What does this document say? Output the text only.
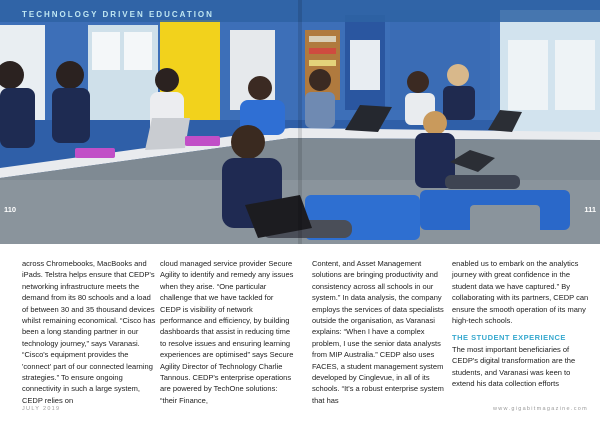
TECHNOLOGY DRIVEN EDUCATION
110	111

across Chromebooks, MacBooks and iPads. Telstra helps ensure that CEDP's networking infrastructure meets the demand from its 80 schools and a load of between 30 and 35 thousand devices whilst remaining economical. “Cisco has been a long standing partner in our technology journey,” says Varanasi. “Cisco's equipment provides the 'connect' part of our connected learning strategies.” To ensure ongoing connectivity in such a large system, CEDP relies on

cloud managed service provider Secure Agility to identify and remedy any issues when they arise. “One particular challenge that we have tackled for CEDP is visibility of network performance and efficiency, by building dashboards that assist in reducing time to resolve issues and ensuring learning experiences are optimised” says Secure Agility Director of Technology Charlie Tannous. CEDP's enterprise operations are powered by TechOne solutions: “their Finance,

Content, and Asset Management solutions are bringing productivity and consistency across all schools in our system.” In data analysis, the company employs the services of data specialists outside the organisation, as Varanasi explains: “When I have a complex problem, I use the senior data analysts from MIP Australia.” CEDP also uses FACES, a student management system developed by Cinglevue, in all of its schools. “It's a robust enterprise system that has

enabled us to embark on the analytics journey with great confidence in the student data we have captured.” By collaborating with its partners, CEDP can ensure the smooth operation of its many high-tech schools.

THE STUDENT EXPERIENCE

The most important beneficiaries of CEDP's digital transformation are the students, and Varanasi was keen to extend his data collection efforts

JULY 2019	www.gigabitmagazine.com
